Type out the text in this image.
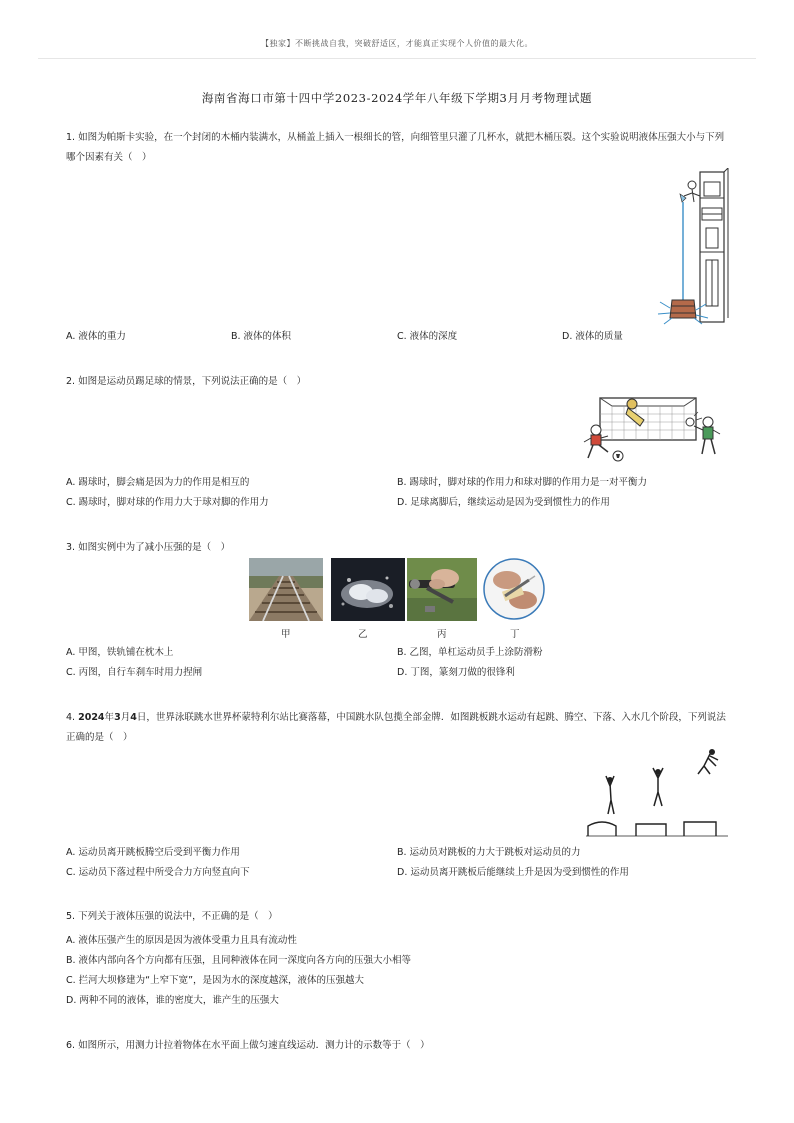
【独家】不断挑战自我，突破舒适区，才能真正实现个人价值的最大化。
海南省海口市第十四中学2023-2024学年八年级下学期3月月考物理试题
1. 如图为帕斯卡实验，在一个封闭的木桶内装满水，从桶盖上插入一根细长的管，向细管里只灌了几杯水，就把木桶压裂。这个实验说明液体压强大小与下列哪个因素有关（　）
A. 液体的重力	B. 液体的体积	C. 液体的深度	D. 液体的质量
2. 如图是运动员踢足球的情景，下列说法正确的是（　）
A. 踢球时，脚会痛是因为力的作用是相互的	B. 踢球时，脚对球的作用力和球对脚的作用力是一对平衡力
C. 踢球时，脚对球的作用力大于球对脚的作用力	D. 足球离脚后，继续运动是因为受到惯性力的作用
3. 如图实例中为了减小压强的是（　）
甲	乙	丙	丁
A. 甲图，铁轨铺在枕木上	B. 乙图，单杠运动员手上涂防滑粉
C. 丙图，自行车刹车时用力捏闸	D. 丁图，篆刻刀做的很锋利
4. 2024年3月4日，世界泳联跳水世界杯蒙特利尔站比赛落幕，中国跳水队包揽全部金牌．如图跳板跳水运动有起跳、腾空、下落、入水几个阶段，下列说法正确的是（　）
A. 运动员离开跳板腾空后受到平衡力作用	B. 运动员对跳板的力大于跳板对运动员的力
C. 运动员下落过程中所受合力方向竖直向下	D. 运动员离开跳板后能继续上升是因为受到惯性的作用
5. 下列关于液体压强的说法中，不正确的是（　）
A. 液体压强产生的原因是因为液体受重力且具有流动性
B. 液体内部向各个方向都有压强，且同种液体在同一深度向各方向的压强大小相等
C. 拦河大坝修建为“上窄下宽”，是因为水的深度越深，液体的压强越大
D. 两种不同的液体，谁的密度大，谁产生的压强大
6. 如图所示，用测力计拉着物体在水平面上做匀速直线运动．测力计的示数等于（　）
